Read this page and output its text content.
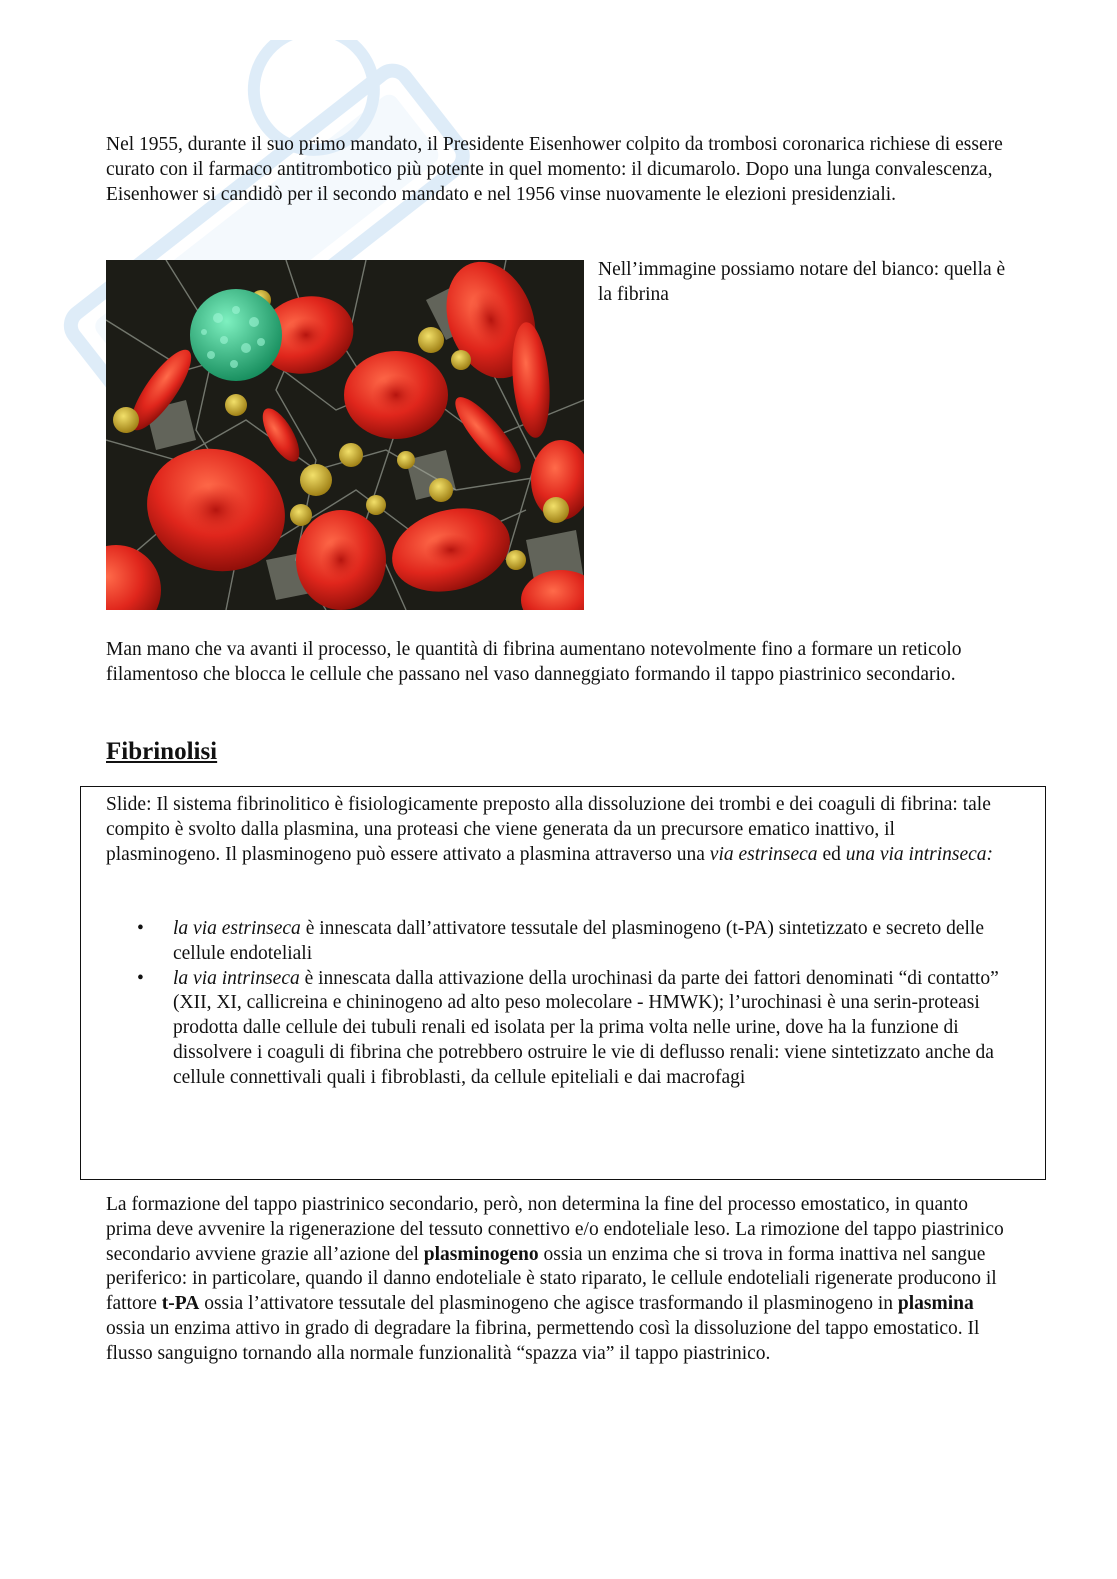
Nel 1955, durante il suo primo mandato, il Presidente Eisenhower colpito da trombosi coronarica richiese di essere curato con il farmaco antitrombotico più potente in quel momento: il dicumarolo. Dopo una lunga convalescenza, Eisenhower si candidò per il secondo mandato e nel 1956 vinse nuovamente le elezioni presidenziali.

Nell’immagine possiamo notare del bianco: quella è la fibrina

Man mano che va avanti il processo, le quantità di fibrina aumentano notevolmente fino a formare un reticolo filamentoso che blocca le cellule che passano nel vaso danneggiato formando il tappo piastrinico secondario.

Fibrinolisi

Slide: Il sistema fibrinolitico è fisiologicamente preposto alla dissoluzione dei trombi e dei coaguli di fibrina: tale compito è svolto dalla plasmina, una proteasi che viene generata da un precursore ematico inattivo, il plasminogeno. Il plasminogeno può essere attivato a plasmina attraverso una via estrinseca ed una via intrinseca:

• la via estrinseca è innescata dall’attivatore tessutale del plasminogeno (t-PA) sintetizzato e secreto delle cellule endoteliali
• la via intrinseca è innescata dalla attivazione della urochinasi da parte dei fattori denominati “di contatto” (XII, XI, callicreina e chininogeno ad alto peso molecolare - HMWK); l’urochinasi è una serin-proteasi prodotta dalle cellule dei tubuli renali ed isolata per la prima volta nelle urine, dove ha la funzione di dissolvere i coaguli di fibrina che potrebbero ostruire le vie di deflusso renali: viene sintetizzato anche da cellule connettivali quali i fibroblasti, da cellule epiteliali e dai macrofagi

La formazione del tappo piastrinico secondario, però, non determina la fine del processo emostatico, in quanto prima deve avvenire la rigenerazione del tessuto connettivo e/o endoteliale leso. La rimozione del tappo piastrinico secondario avviene grazie all’azione del plasminogeno ossia un enzima che si trova in forma inattiva nel sangue periferico: in particolare, quando il danno endoteliale è stato riparato, le cellule endoteliali rigenerate producono il fattore t-PA ossia l’attivatore tessutale del plasminogeno che agisce trasformando il plasminogeno in plasmina ossia un enzima attivo in grado di degradare la fibrina, permettendo così la dissoluzione del tappo emostatico. Il flusso sanguigno tornando alla normale funzionalità “spazza via” il tappo piastrinico.
